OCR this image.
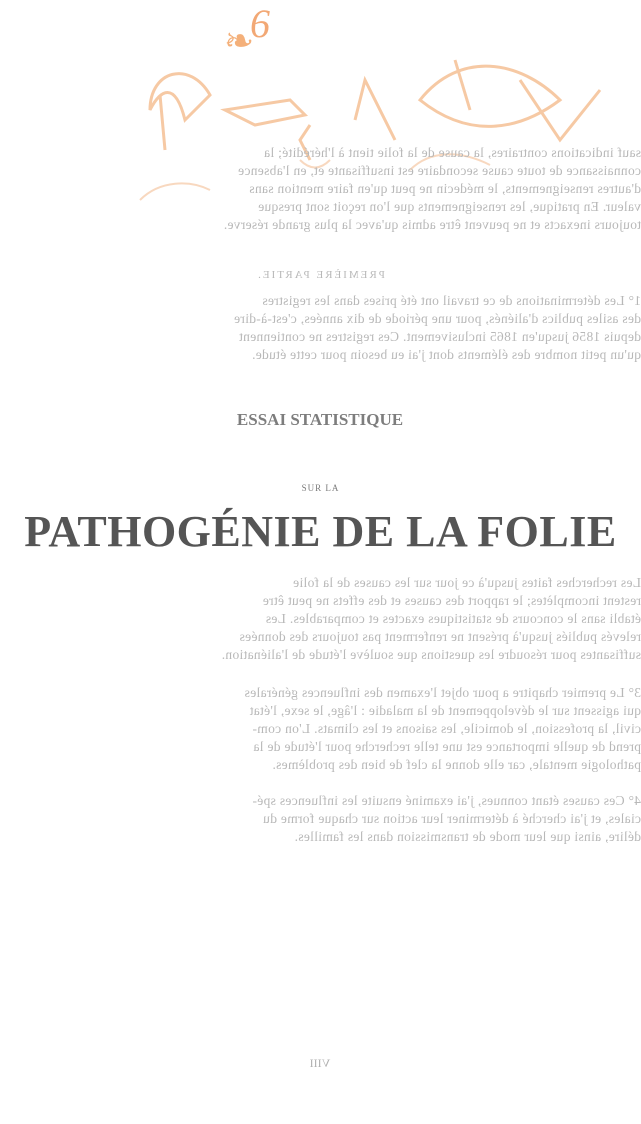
❧
6
sauf indications contraires, la cause de la folie tient à l'hérédité; la
connaissance de toute cause secondaire est insuffisante et, en l'absence
d'autres renseignements, le médecin ne peut qu'en faire mention sans
valeur. En pratique, les renseignements que l'on reçoit sont presque
toujours inexacts et ne peuvent être admis qu'avec la plus grande réserve.
PREMIÈRE PARTIE.
1° Les déterminations de ce travail ont été prises dans les registres
des asiles publics d'aliénés, pour une période de dix années, c'est-à-dire
depuis 1856 jusqu'en 1865 inclusivement. Ces registres ne contiennent
qu'un petit nombre des éléments dont j'ai eu besoin pour cette étude.
Les recherches faites jusqu'à ce jour sur les causes de la folie
restent incomplètes; le rapport des causes et des effets ne peut être
établi sans le concours de statistiques exactes et comparables. Les
relevés publiés jusqu'à présent ne renferment pas toujours des données
suffisantes pour résoudre les questions que soulève l'étude de l'aliénation.
3° Le premier chapitre a pour objet l'examen des influences générales
qui agissent sur le développement de la maladie : l'âge, le sexe, l'état
civil, la profession, le domicile, les saisons et les climats. L'on com-
prend de quelle importance est une telle recherche pour l'étude de la
pathologie mentale, car elle donne la clef de bien des problèmes.
4° Ces causes étant connues, j'ai examiné ensuite les influences spé-
ciales, et j'ai cherché à déterminer leur action sur chaque forme du
délire, ainsi que leur mode de transmission dans les familles.
ESSAI STATISTIQUE
SUR LA
PATHOGÉNIE DE LA FOLIE
VIII
